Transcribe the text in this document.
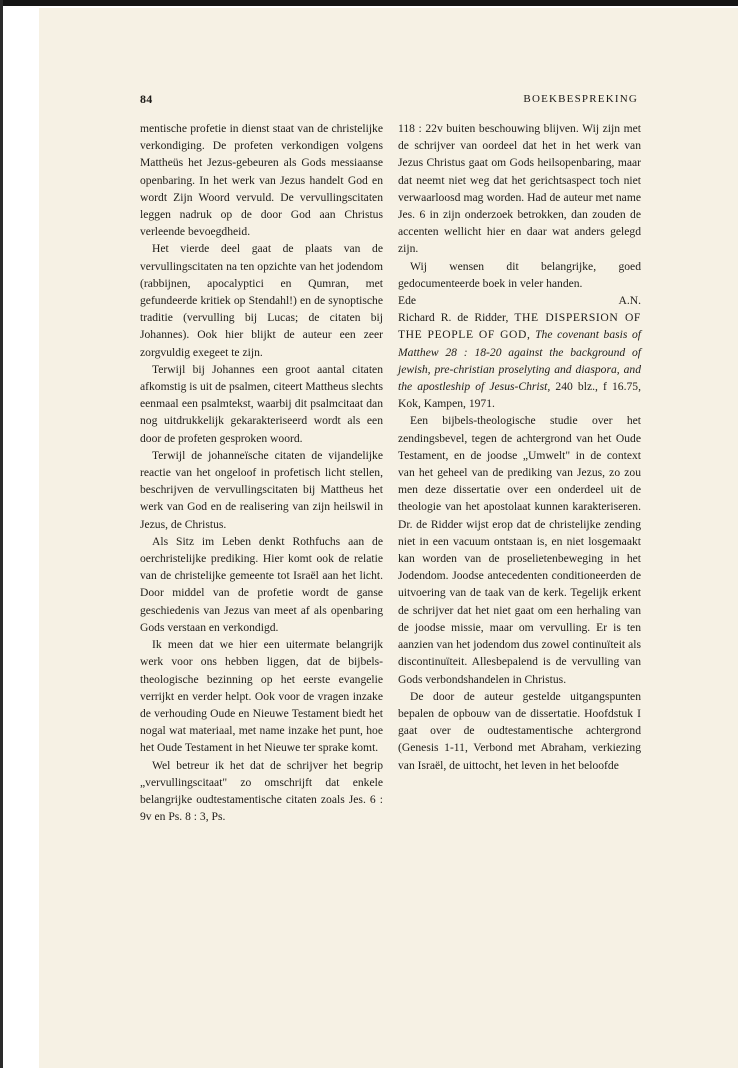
84	BOEKBESPREKING

mentische profetie in dienst staat van de christelijke verkondiging. De profeten verkondigen volgens Mattheüs het Jezus-gebeuren als Gods messiaanse openbaring. In het werk van Jezus handelt God en wordt Zijn Woord vervuld. De vervullingscitaten leggen nadruk op de door God aan Christus verleende bevoegdheid.

Het vierde deel gaat de plaats van de vervullingscitaten na ten opzichte van het jodendom (rabbijnen, apocalyptici en Qumran, met gefundeerde kritiek op Stendahl!) en de synoptische traditie (vervulling bij Lucas; de citaten bij Johannes). Ook hier blijkt de auteur een zeer zorgvuldig exegeet te zijn.

Terwijl bij Johannes een groot aantal citaten afkomstig is uit de psalmen, citeert Mattheus slechts eenmaal een psalmtekst, waarbij dit psalmcitaat dan nog uitdrukkelijk gekarakteriseerd wordt als een door de profeten gesproken woord.

Terwijl de johanneïsche citaten de vijandelijke reactie van het ongeloof in profetisch licht stellen, beschrijven de vervullingscitaten bij Mattheus het werk van God en de realisering van zijn heilswil in Jezus, de Christus.

Als Sitz im Leben denkt Rothfuchs aan de oerchristelijke prediking. Hier komt ook de relatie van de christelijke gemeente tot Israël aan het licht. Door middel van de profetie wordt de ganse geschiedenis van Jezus van meet af als openbaring Gods verstaan en verkondigd.

Ik meen dat we hier een uitermate belangrijk werk voor ons hebben liggen, dat de bijbels-theologische bezinning op het eerste evangelie verrijkt en verder helpt. Ook voor de vragen inzake de verhouding Oude en Nieuwe Testament biedt het nogal wat materiaal, met name inzake het punt, hoe het Oude Testament in het Nieuwe ter sprake komt.

Wel betreur ik het dat de schrijver het begrip „vervullingscitaat" zo omschrijft dat enkele belangrijke oudtestamentische citaten zoals Jes. 6 : 9v en Ps. 8 : 3, Ps.

118 : 22v buiten beschouwing blijven. Wij zijn met de schrijver van oordeel dat het in het werk van Jezus Christus gaat om Gods heilsopenbaring, maar dat neemt niet weg dat het gerichtsaspect toch niet verwaarloosd mag worden. Had de auteur met name Jes. 6 in zijn onderzoek betrokken, dan zouden de accenten wellicht hier en daar wat anders gelegd zijn.

Wij wensen dit belangrijke, goed gedocumenteerde boek in veler handen.

Ede	A.N.

Richard R. de Ridder, THE DISPERSION OF THE PEOPLE OF GOD, The covenant basis of Matthew 28 : 18-20 against the background of jewish, pre-christian proselyting and diaspora, and the apostleship of Jesus-Christ, 240 blz., f 16.75, Kok, Kampen, 1971.

Een bijbels-theologische studie over het zendingsbevel, tegen de achtergrond van het Oude Testament, en de joodse „Umwelt" in de context van het geheel van de prediking van Jezus, zo zou men deze dissertatie over een onderdeel uit de theologie van het apostolaat kunnen karakteriseren. Dr. de Ridder wijst erop dat de christelijke zending niet in een vacuum ontstaan is, en niet losgemaakt kan worden van de proselietenbeweging in het Jodendom. Joodse antecedenten conditioneerden de uitvoering van de taak van de kerk. Tegelijk erkent de schrijver dat het niet gaat om een herhaling van de joodse missie, maar om vervulling. Er is ten aanzien van het jodendom dus zowel continuïteit als discontinuïteit. Allesbepalend is de vervulling van Gods verbondshandelen in Christus.

De door de auteur gestelde uitgangspunten bepalen de opbouw van de dissertatie. Hoofdstuk I gaat over de oudtestamentische achtergrond (Genesis 1-11, Verbond met Abraham, verkiezing van Israël, de uittocht, het leven in het beloofde
